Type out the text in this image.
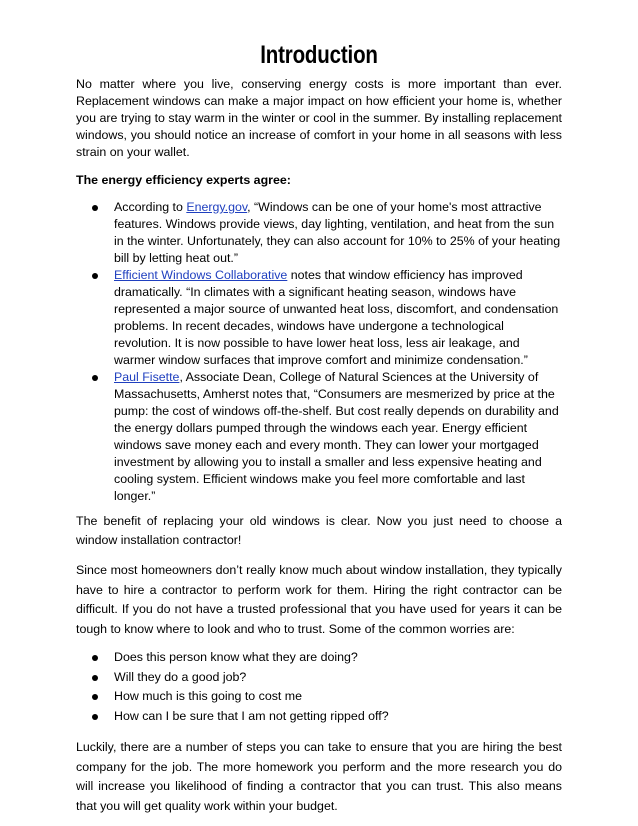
Introduction

No matter where you live, conserving energy costs is more important than ever. Replacement windows can make a major impact on how efficient your home is, whether you are trying to stay warm in the winter or cool in the summer. By installing replacement windows, you should notice an increase of comfort in your home in all seasons with less strain on your wallet.

The energy efficiency experts agree:

According to Energy.gov, “Windows can be one of your home's most attractive features. Windows provide views, day lighting, ventilation, and heat from the sun in the winter. Unfortunately, they can also account for 10% to 25% of your heating bill by letting heat out.”
Efficient Windows Collaborative notes that window efficiency has improved dramatically. “In climates with a significant heating season, windows have represented a major source of unwanted heat loss, discomfort, and condensation problems. In recent decades, windows have undergone a technological revolution. It is now possible to have lower heat loss, less air leakage, and warmer window surfaces that improve comfort and minimize condensation.”
Paul Fisette, Associate Dean, College of Natural Sciences at the University of Massachusetts, Amherst notes that, “Consumers are mesmerized by price at the pump: the cost of windows off-the-shelf. But cost really depends on durability and the energy dollars pumped through the windows each year. Energy efficient windows save money each and every month. They can lower your mortgaged investment by allowing you to install a smaller and less expensive heating and cooling system. Efficient windows make you feel more comfortable and last longer.”

The benefit of replacing your old windows is clear. Now you just need to choose a window installation contractor!

Since most homeowners don’t really know much about window installation, they typically have to hire a contractor to perform work for them. Hiring the right contractor can be difficult. If you do not have a trusted professional that you have used for years it can be tough to know where to look and who to trust. Some of the common worries are:

Does this person know what they are doing?
Will they do a good job?
How much is this going to cost me
How can I be sure that I am not getting ripped off?

Luckily, there are a number of steps you can take to ensure that you are hiring the best company for the job. The more homework you perform and the more research you do will increase you likelihood of finding a contractor that you can trust. This also means that you will get quality work within your budget.
